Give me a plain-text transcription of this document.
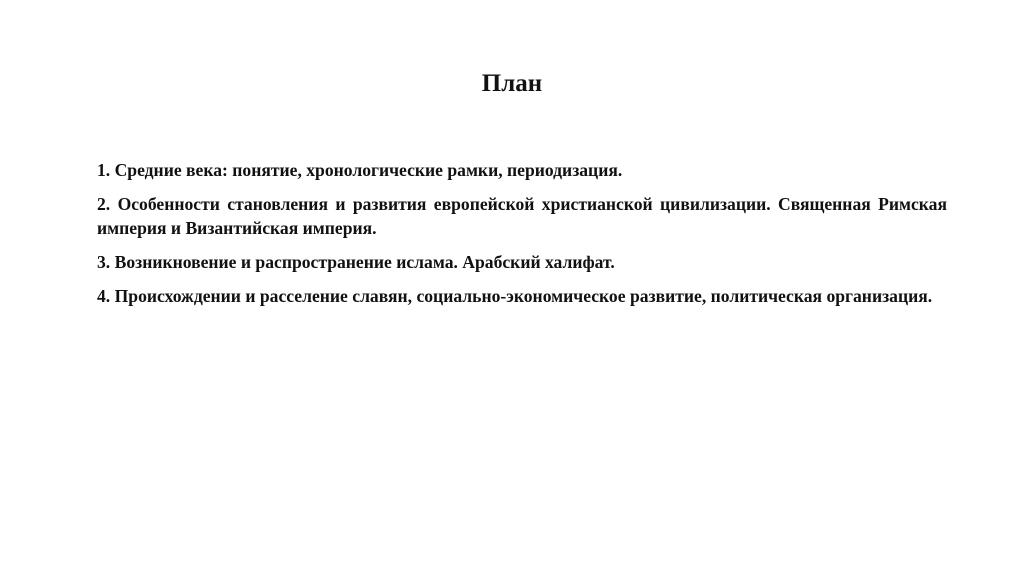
План

1. Средние века: понятие, хронологические рамки, периодизация.

2. Особенности становления и развития европейской христианской цивилизации. Священная Римская империя и Византийская империя.

3. Возникновение и распространение ислама. Арабский халифат.

4. Происхождении и расселение славян, социально-экономическое развитие, политическая организация.
